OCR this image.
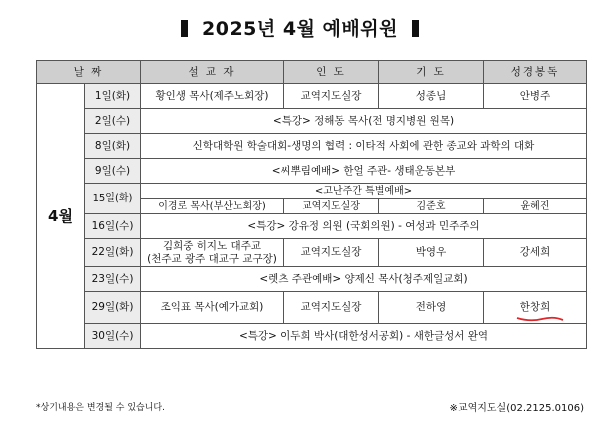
2025년 4월 예배위원
날 짜		설 교 자	인 도	기 도	성경봉독
4월	1일(화)	황인생 목사(제주노회장)	교역지도실장	성종님	안병주
	2일(수)	<특강> 정해동 목사(전 명지병원 원목)			
	8일(화)	신학대학원 학술대회-생명의 협력 : 이타적 사회에 관한 종교와 과학의 대화			
	9일(수)	<씨뿌림예배> 한얼 주관- 생태운동본부			
	15일(화)	<고난주간 특별예배>			
		이경로 목사(부산노회장)	교역지도실장	김준호	윤혜진
	16일(수)	<특강> 강유정 의원 (국회의원) - 여성과 민주주의			
	22일(화)	김희중 히지노 대주교
(천주교 광주 대교구 교구장)	교역지도실장	박영우	강세희
	23일(수)	<렛츠 주관예배> 양제신 목사(청주제일교회)			
	29일(화)	조익표 목사(예가교회)	교역지도실장	전하영	한창희

	30일(수)	<특강> 이두희 박사(대한성서공회) - 새한글성서 완역			
*상기내용은 변경될 수 있습니다.	※교역지도실(02.2125.0106)
